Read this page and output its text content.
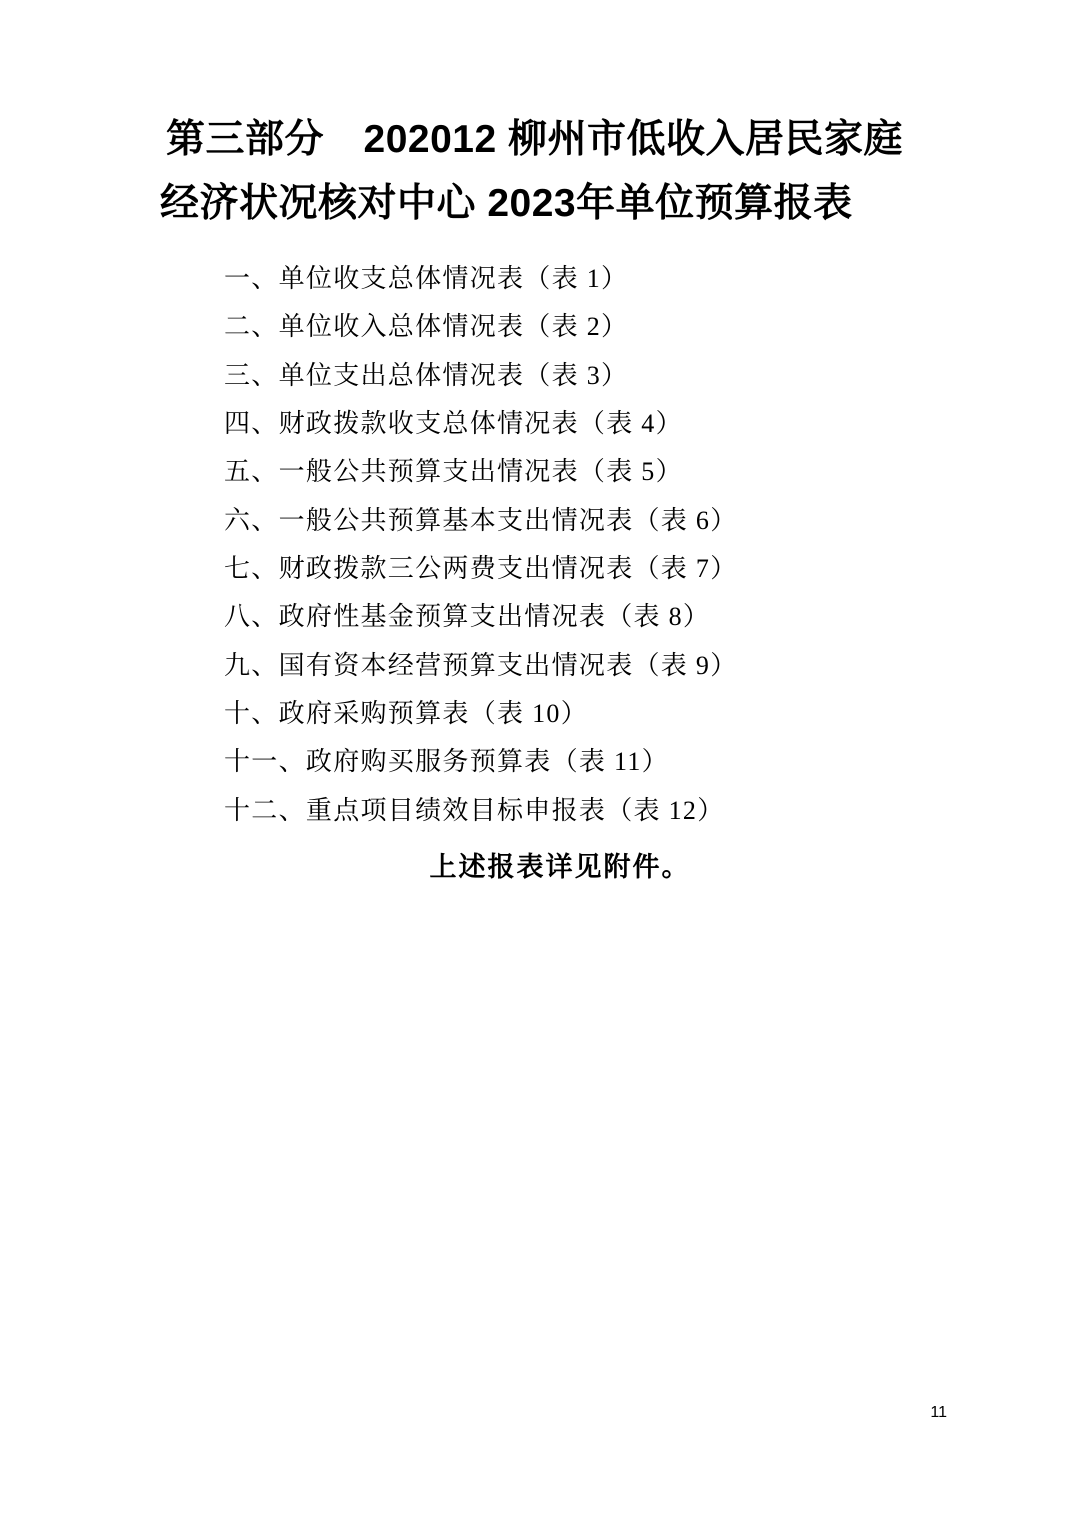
第三部分　202012 柳州市低收入居民家庭
经济状况核对中心 2023年单位预算报表
一、单位收支总体情况表（表 1）
二、单位收入总体情况表（表 2）
三、单位支出总体情况表（表 3）
四、财政拨款收支总体情况表（表 4）
五、一般公共预算支出情况表（表 5）
六、一般公共预算基本支出情况表（表 6）
七、财政拨款三公两费支出情况表（表 7）
八、政府性基金预算支出情况表（表 8）
九、国有资本经营预算支出情况表（表 9）
十、政府采购预算表（表 10）
十一、政府购买服务预算表（表 11）
十二、重点项目绩效目标申报表（表 12）
上述报表详见附件。
11
